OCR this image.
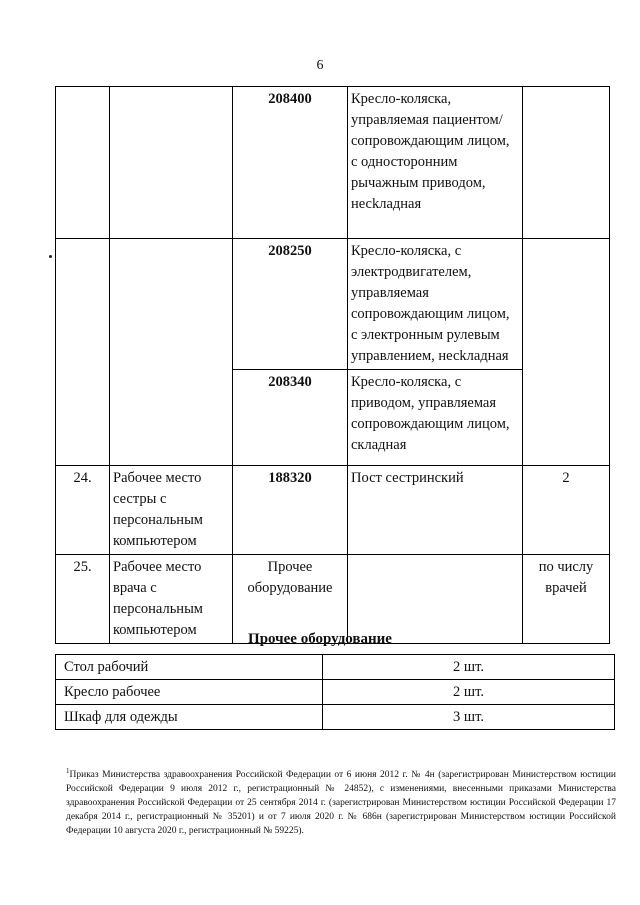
6
		208400	Кресло-коляска, управляемая пациентом/ сопровождающим лицом, с односторонним рычажным приводом, несkладная	
		208250	Кресло-коляска, с электродвигателем, управляемая сопровождающим лицом, с электронным рулевым управлением, несkладная	
		208340	Кресло-коляска, с приводом, управляемая сопровождающим лицом, складная	
24.	Рабочее место сестры с персональным компьютером	188320	Пост сестринский	2
25.	Рабочее место врача с персональным компьютером	Прочее оборудование		по числу врачей
Прочее оборудование
Стол рабочий	2 шт.
Кресло рабочее	2 шт.
Шкаф для одежды	3 шт.
$^1$Приказ Министерства здравоохранения Российской Федерации от 6 июня 2012 г. № 4н (зарегистрирован Министерством юстиции Российской Федерации 9 июля 2012 г., регистрационный № 24852), с изменениями, внесенными приказами Министерства здравоохранения Российской Федерации от 25 сентября 2014 г. (зарегистрирован Министерством юстиции Российской Федерации 17 декабря 2014 г., регистрационный № 35201) и от 7 июля 2020 г. № 686н (зарегистрирован Министерством юстиции Российской Федерации 10 августа 2020 г., регистрационный № 59225).
